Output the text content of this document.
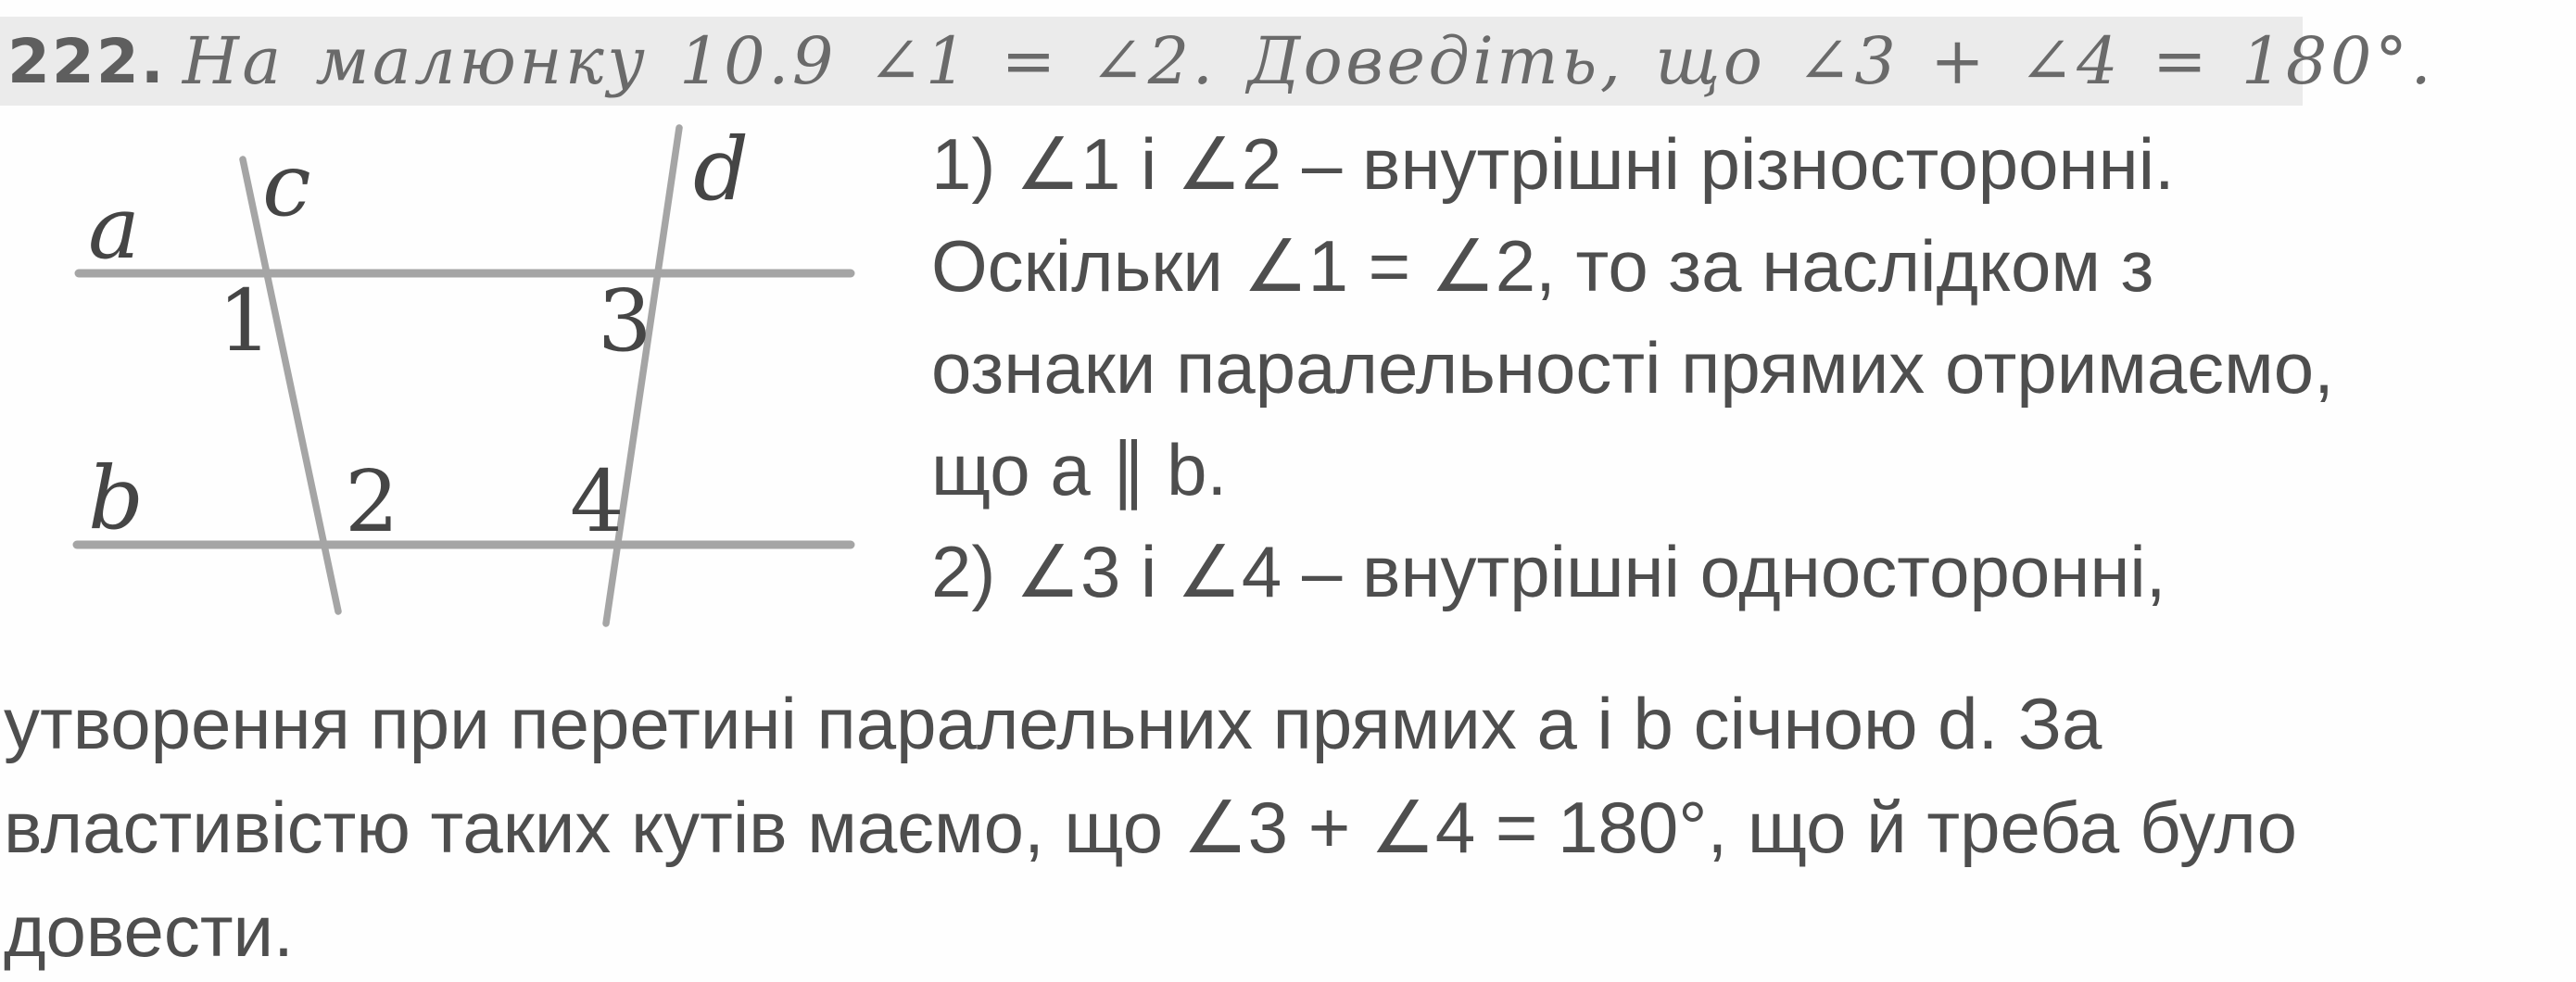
222. На малюнку 10.9 ∠1 = ∠2. Доведіть, що ∠3 + ∠4 = 180°.
a
b
c	d
1	3
2 4
1) ∠1 і ∠2 – внутрішні різносторонні.
Оскільки ∠1 = ∠2, то за наслідком з
ознаки паралельності прямих отримаємо,
що a ∥ b.
2) ∠3 і ∠4 – внутрішні односторонні,
утворення при перетині паралельних прямих a і b січною d. За
властивістю таких кутів маємо, що ∠3 + ∠4 = 180°, що й треба було
довести.
